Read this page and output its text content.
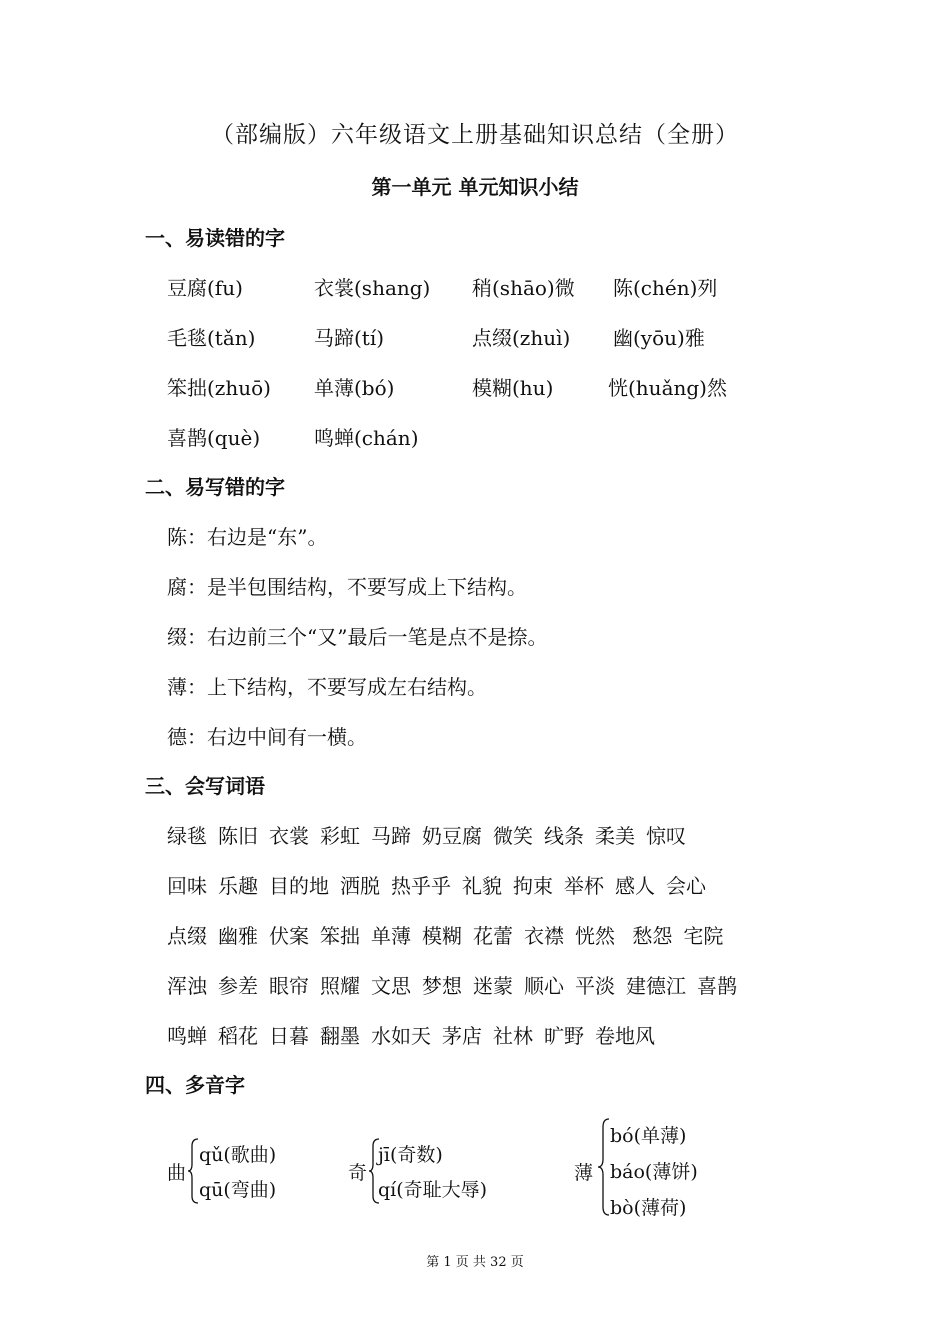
（部编版）六年级语文上册基础知识总结（全册）
第一单元 单元知识小结
一、易读错的字
豆腐(fu)	衣裳(shang) 稍(shāo)微 陈(chén)列
毛毯(tǎn)	马蹄(tí)	点缀(zhuì) 幽(yōu)雅
笨拙(zhuō) 单薄(bó)	模糊(hu)	恍(huǎng)然
喜鹊(què)	鸣蝉(chán)
二、易写错的字
陈：右边是“东”。
腐：是半包围结构，不要写成上下结构。
缀：右边前三个“又”最后一笔是点不是捺。
薄：上下结构，不要写成左右结构。
德：右边中间有一横。
三、会写词语
绿毯 陈旧 衣裳 彩虹 马蹄 奶豆腐 微笑 线条 柔美 惊叹
回味 乐趣 目的地 洒脱 热乎乎 礼貌 拘束 举杯 感人 会心
点缀 幽雅 伏案 笨拙 单薄 模糊 花蕾 衣襟 恍然 愁怨 宅院
浑浊 参差 眼帘 照耀 文思 梦想 迷蒙 顺心 平淡 建德江 喜鹊
鸣蝉 稻花 日暮 翻墨 水如天 茅店 社林 旷野 卷地风
四、多音字
曲
qǔ(歌曲)
qū(弯曲)
奇
jī(奇数)
qí(奇耻大辱)
薄
bó(单薄)
báo(薄饼)
bò(薄荷)
第 1 页 共 32 页
